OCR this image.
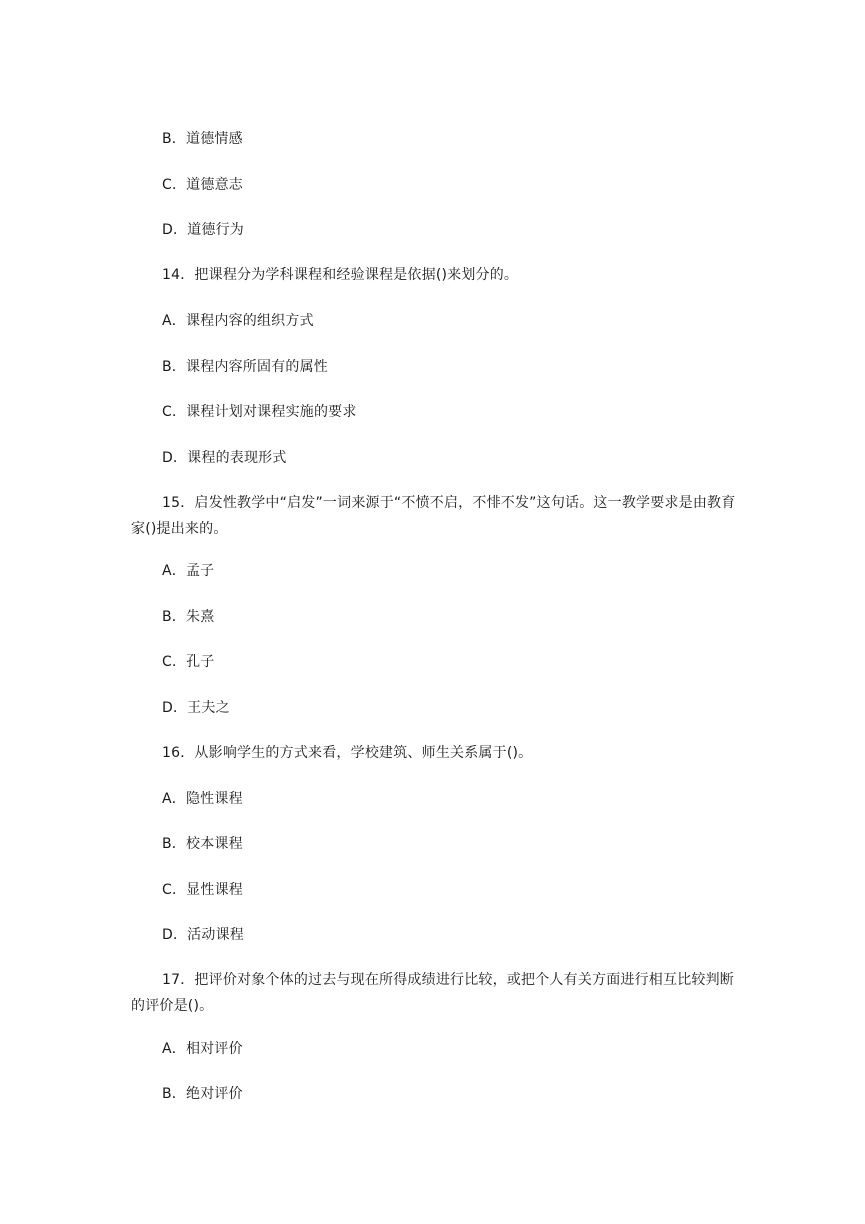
B．道德情感
C．道德意志
D．道德行为
14．把课程分为学科课程和经验课程是依据()来划分的。
A．课程内容的组织方式
B．课程内容所固有的属性
C．课程计划对课程实施的要求
D．课程的表现形式
15．启发性教学中“启发”一词来源于“不愤不启，不悱不发”这句话。这一教学要求是由教育家()提出来的。
A．孟子
B．朱熹
C．孔子
D．王夫之
16．从影响学生的方式来看，学校建筑、师生关系属于()。
A．隐性课程
B．校本课程
C．显性课程
D．活动课程
17．把评价对象个体的过去与现在所得成绩进行比较，或把个人有关方面进行相互比较判断的评价是()。
A．相对评价
B．绝对评价
